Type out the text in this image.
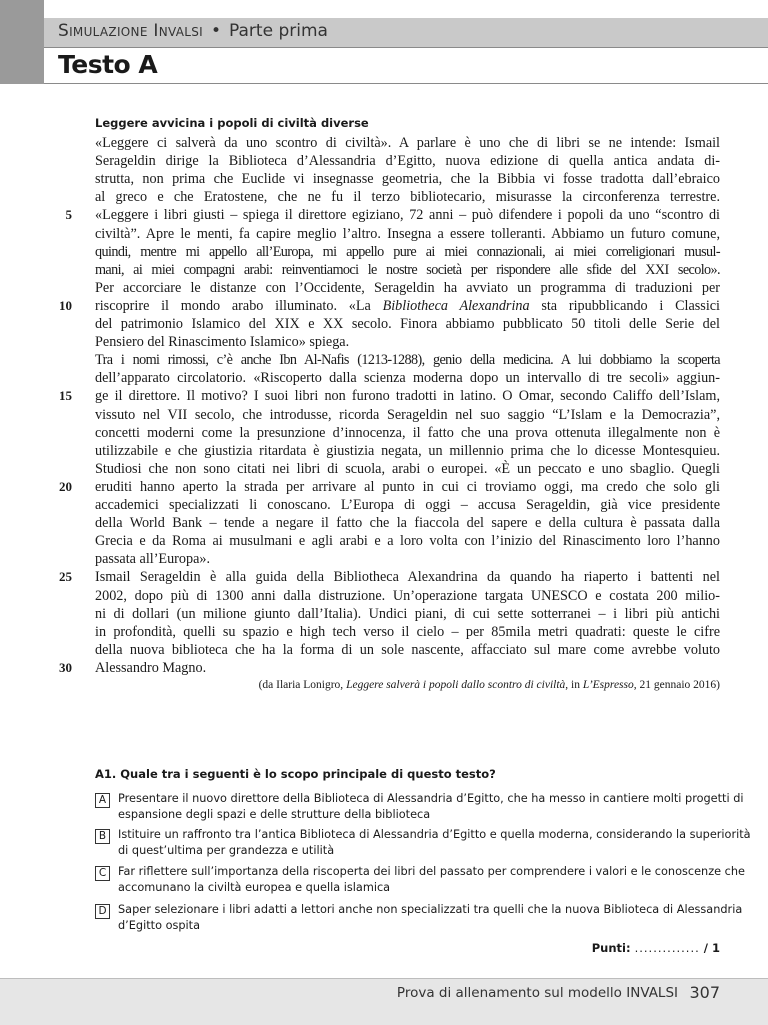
Simulazione Invalsi • Parte prima
Testo A
Leggere avvicina i popoli di civiltà diverse
«Leggere ci salverà da uno scontro di civiltà». A parlare è uno che di libri se ne intende: Ismail
Serageldin dirige la Biblioteca d’Alessandria d’Egitto, nuova edizione di quella antica andata di-
strutta, non prima che Euclide vi insegnasse geometria, che la Bibbia vi fosse tradotta dall’ebraico
al greco e che Eratostene, che ne fu il terzo bibliotecario, misurasse la circonferenza terrestre.
«Leggere i libri giusti – spiega il direttore egiziano, 72 anni – può difendere i popoli da uno “scontro di
civiltà”. Apre le menti, fa capire meglio l’altro. Insegna a essere tolleranti. Abbiamo un futuro comune,
quindi, mentre mi appello all’Europa, mi appello pure ai miei connazionali, ai miei correligionari musul-
mani, ai miei compagni arabi: reinventiamoci le nostre società per rispondere alle sfide del XXI secolo».
Per accorciare le distanze con l’Occidente, Serageldin ha avviato un programma di traduzioni per
riscoprire il mondo arabo illuminato. «La Bibliotheca Alexandrina sta ripubblicando i Classici
del patrimonio Islamico del XIX e XX secolo. Finora abbiamo pubblicato 50 titoli delle Serie del
Pensiero del Rinascimento Islamico» spiega.
Tra i nomi rimossi, c’è anche Ibn Al-Nafis (1213-1288), genio della medicina. A lui dobbiamo la scoperta
dell’apparato circolatorio. «Riscoperto dalla scienza moderna dopo un intervallo di tre secoli» aggiun-
ge il direttore. Il motivo? I suoi libri non furono tradotti in latino. O Omar, secondo Califfo dell’Islam,
vissuto nel VII secolo, che introdusse, ricorda Serageldin nel suo saggio “L’Islam e la Democrazia”,
concetti moderni come la presunzione d’innocenza, il fatto che una prova ottenuta illegalmente non è
utilizzabile e che giustizia ritardata è giustizia negata, un millennio prima che lo dicesse Montesquieu.
Studiosi che non sono citati nei libri di scuola, arabi o europei. «È un peccato e uno sbaglio. Quegli
eruditi hanno aperto la strada per arrivare al punto in cui ci troviamo oggi, ma credo che solo gli
accademici specializzati li conoscano. L’Europa di oggi – accusa Serageldin, già vice presidente
della World Bank – tende a negare il fatto che la fiaccola del sapere e della cultura è passata dalla
Grecia e da Roma ai musulmani e agli arabi e a loro volta con l’inizio del Rinascimento loro l’hanno
passata all’Europa».
Ismail Serageldin è alla guida della Bibliotheca Alexandrina da quando ha riaperto i battenti nel
2002, dopo più di 1300 anni dalla distruzione. Un’operazione targata UNESCO e costata 200 milio-
ni di dollari (un milione giunto dall’Italia). Undici piani, di cui sette sotterranei – i libri più antichi
in profondità, quelli su spazio e high tech verso il cielo – per 85mila metri quadrati: queste le cifre
della nuova biblioteca che ha la forma di un sole nascente, affacciato sul mare come avrebbe voluto
Alessandro Magno.
5
10
15
20
25
30
(da Ilaria Lonigro, Leggere salverà i popoli dallo scontro di civiltà, in L’Espresso, 21 gennaio 2016)
A1. Quale tra i seguenti è lo scopo principale di questo testo?
A	Presentare il nuovo direttore della Biblioteca di Alessandria d’Egitto, che ha messo in cantiere molti progetti di
espansione degli spazi e delle strutture della biblioteca
B	Istituire un raffronto tra l’antica Biblioteca di Alessandria d’Egitto e quella moderna, considerando la superiorità
di quest’ultima per grandezza e utilità
C	Far riflettere sull’importanza della riscoperta dei libri del passato per comprendere i valori e le conoscenze che
accomunano la civiltà europea e quella islamica
D	Saper selezionare i libri adatti a lettori anche non specializzati tra quelli che la nuova Biblioteca di Alessandria
d’Egitto ospita
Punti: .............. / 1
Prova di allenamento sul modello INVALSI 307
